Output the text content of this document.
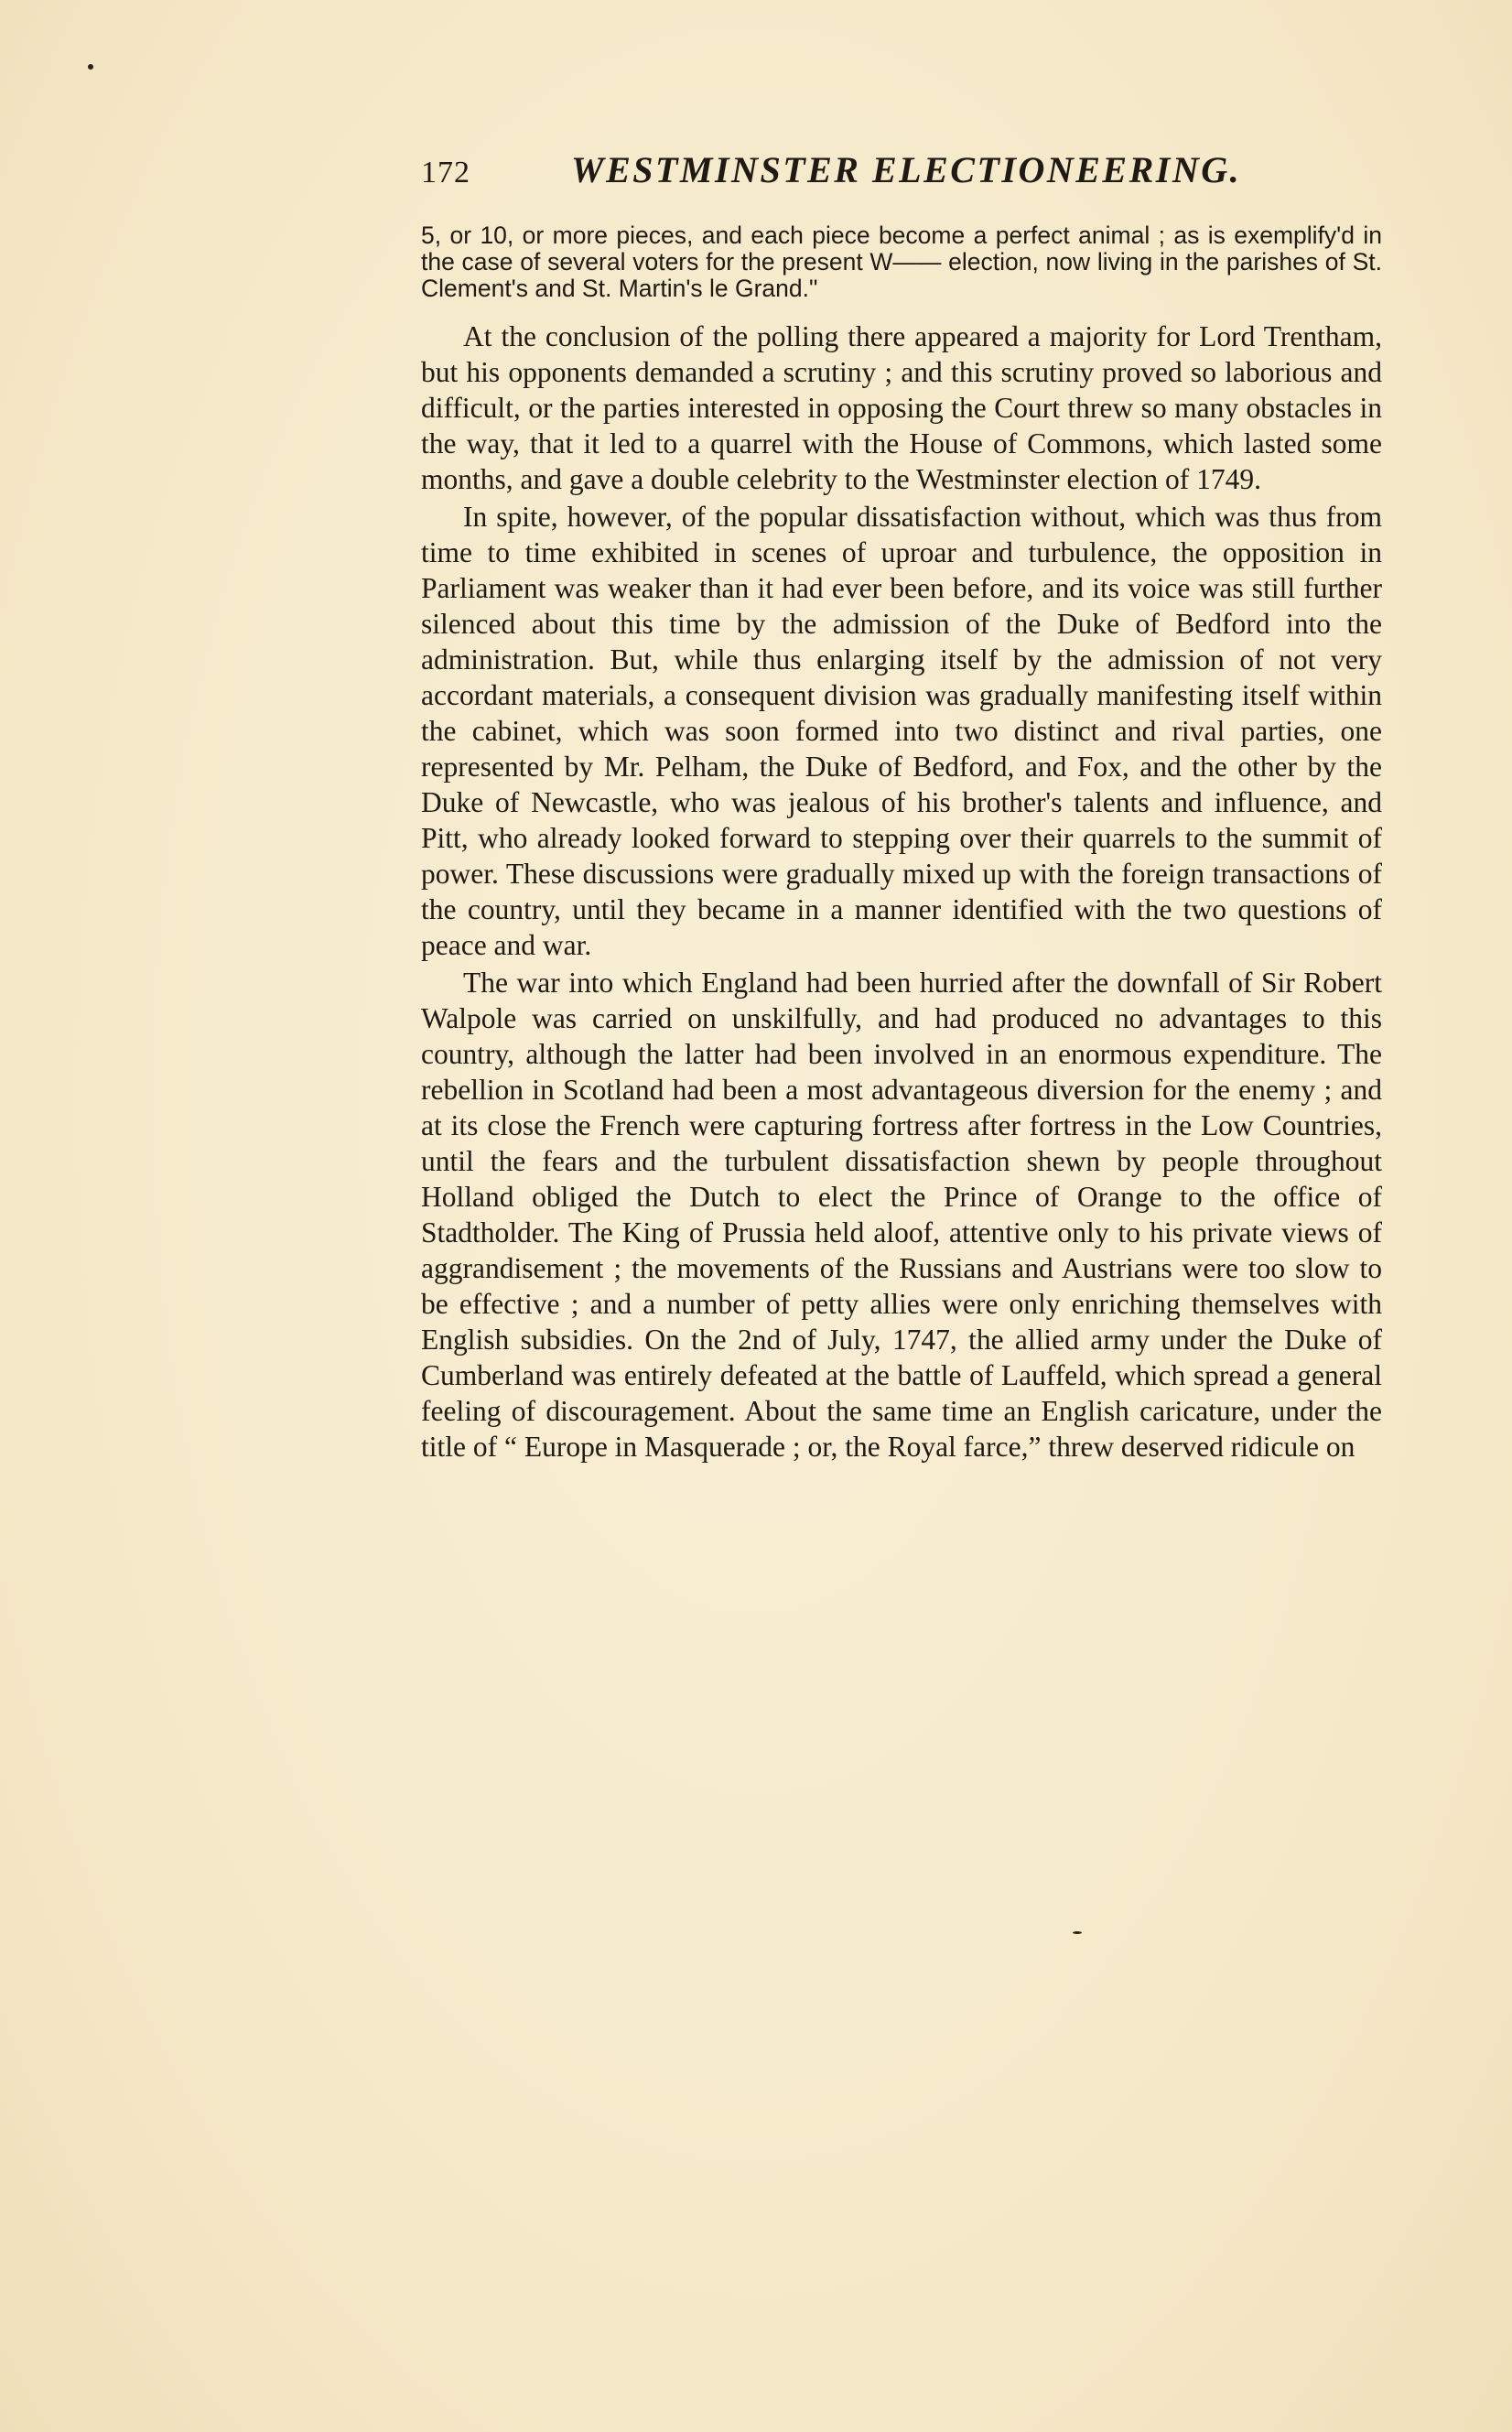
172	WESTMINSTER ELECTIONEERING.

5, or 10, or more pieces, and each piece become a perfect animal ; as is exemplify'd in the case of several voters for the present W—— election, now living in the parishes of St. Clement's and St. Martin's le Grand."

At the conclusion of the polling there appeared a majority for Lord Trentham, but his opponents demanded a scrutiny ; and this scrutiny proved so laborious and difficult, or the parties interested in opposing the Court threw so many obstacles in the way, that it led to a quarrel with the House of Commons, which lasted some months, and gave a double celebrity to the Westminster election of 1749.

In spite, however, of the popular dissatisfaction without, which was thus from time to time exhibited in scenes of uproar and turbulence, the opposition in Parliament was weaker than it had ever been before, and its voice was still further silenced about this time by the admission of the Duke of Bedford into the administration. But, while thus enlarging itself by the admission of not very accordant materials, a consequent division was gradually manifesting itself within the cabinet, which was soon formed into two distinct and rival parties, one represented by Mr. Pelham, the Duke of Bedford, and Fox, and the other by the Duke of Newcastle, who was jealous of his brother's talents and influence, and Pitt, who already looked forward to stepping over their quarrels to the summit of power. These discussions were gradually mixed up with the foreign transactions of the country, until they became in a manner identified with the two questions of peace and war.

The war into which England had been hurried after the downfall of Sir Robert Walpole was carried on unskilfully, and had produced no advantages to this country, although the latter had been involved in an enormous expenditure. The rebellion in Scotland had been a most advantageous diversion for the enemy ; and at its close the French were capturing fortress after fortress in the Low Countries, until the fears and the turbulent dissatisfaction shewn by people throughout Holland obliged the Dutch to elect the Prince of Orange to the office of Stadtholder. The King of Prussia held aloof, attentive only to his private views of aggrandisement ; the movements of the Russians and Austrians were too slow to be effective ; and a number of petty allies were only enriching themselves with English subsidies. On the 2nd of July, 1747, the allied army under the Duke of Cumberland was entirely defeated at the battle of Lauffeld, which spread a general feeling of discouragement. About the same time an English caricature, under the title of “ Europe in Masquerade ; or, the Royal farce,” threw deserved ridicule on
